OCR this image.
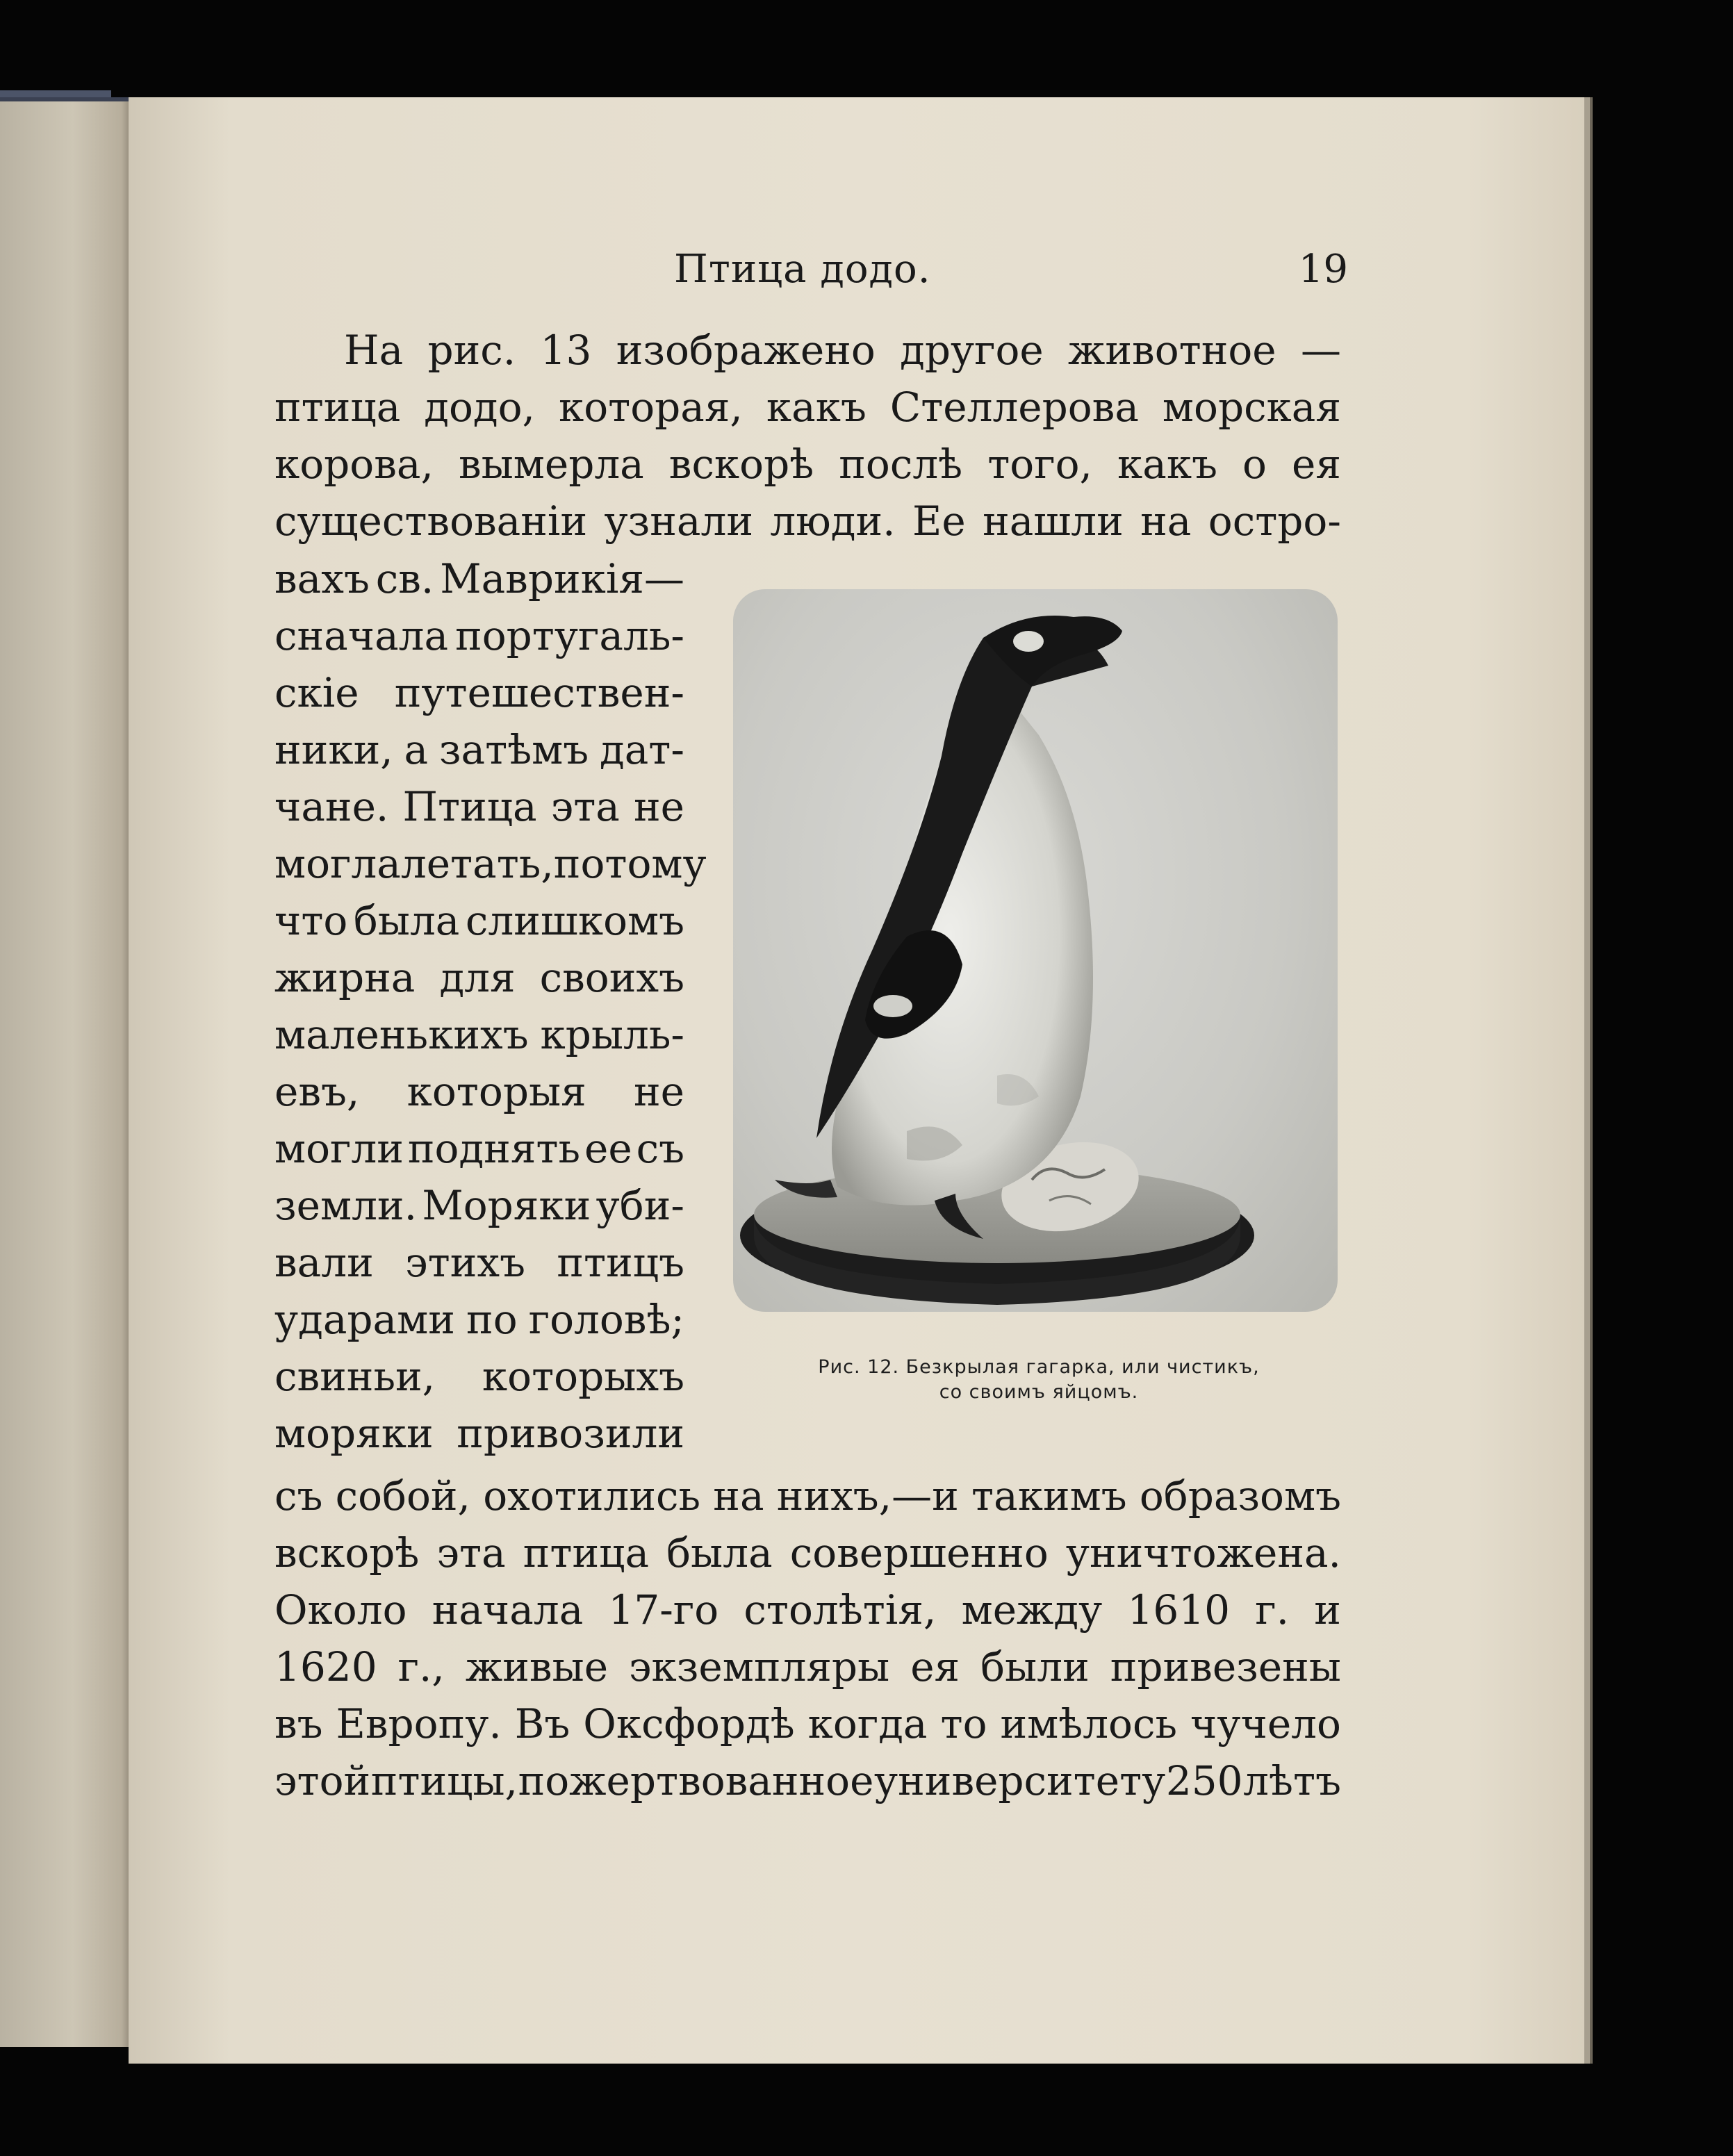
Птица додо.	19
На рис. 13 изображено другое животное —
птица додо, которая, какъ Стеллерова морская
корова, вымерла вскорѣ послѣ того, какъ о ея
существованiи узнали люди. Ее нашли на остро-
вахъ св. Маврикiя—
сначала португаль-
скiе путешествен-
ники, а затѣмъ дат-
чане. Птица эта не
могла летать, потому
что была слишкомъ
жирна для своихъ
маленькихъ крыль-
евъ, которыя не
могли поднять ее съ
земли. Моряки уби-
вали этихъ птицъ
ударами по головѣ;
свиньи, которыхъ
моряки привозили
Рис. 12. Безкрылая гагарка, или чистикъ,
со своимъ яйцомъ.
съ собой, охотились на нихъ,—и такимъ образомъ
вскорѣ эта птица была совершенно уничтожена.
Около начала 17-го столѣтiя, между 1610 г. и
1620 г., живые экземпляры ея были привезены
въ Европу. Въ Оксфордѣ когда то имѣлось чучело
этой птицы, пожертвованное университету 250 лѣтъ
